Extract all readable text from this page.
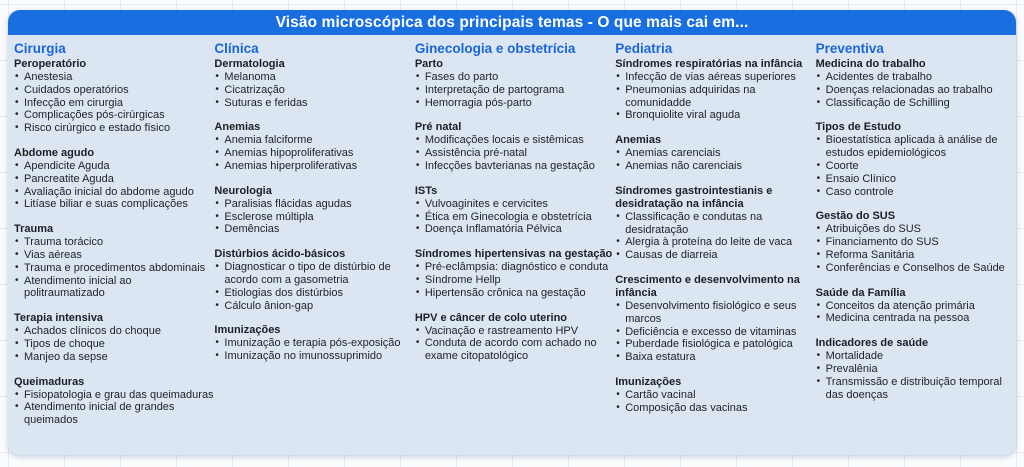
Visão microscópica dos principais temas - O que mais cai em...
Cirurgia
Peroperatório
• Anestesia
• Cuidados operatórios
• Infecção em cirurgia
• Complicações pós-cirúrgicas
• Risco cirúrgico e estado físico
Abdome agudo
• Apendicite Aguda
• Pancreatite Aguda
• Avaliação inicial do abdome agudo
• Litíase biliar e suas complicações
Trauma
• Trauma torácico
• Vias aéreas
• Trauma e procedimentos abdominais
• Atendimento inicial ao politraumatizado
Terapia intensiva
• Achados clínicos do choque
• Tipos de choque
• Manjeo da sepse
Queimaduras
• Fisiopatologia e grau das queimaduras
• Atendimento inicial de grandes queimados
Clínica
Dermatologia
• Melanoma
• Cicatrização
• Suturas e feridas
Anemias
• Anemia falciforme
• Anemias hipoproliferativas
• Anemias hiperproliferativas
Neurologia
• Paralisias flácidas agudas
• Esclerose múltipla
• Demências
Distúrbios ácido-básicos
• Diagnosticar o tipo de distúrbio de acordo com a gasometria
• Etiologias dos distúrbios
• Cálculo ânion-gap
Imunizações
• Imunização e terapia pós-exposição
• Imunização no imunossuprimido
Ginecologia e obstetrícia
Parto
• Fases do parto
• Interpretação de partograma
• Hemorragia pós-parto
Pré natal
• Modificações locais e sistêmicas
• Assistência pré-natal
• Infecções bavterianas na gestação
ISTs
• Vulvoaginites e cervicites
• Ética em Ginecologia e obstetrícia
• Doença Inflamatória Pélvica
Síndromes hipertensivas na gestação
• Pré-eclâmpsia: diagnóstico e conduta
• Síndrome Hellp
• Hipertensão crônica na gestação
HPV e câncer de colo uterino
• Vacinação e rastreamento HPV
• Conduta de acordo com achado no exame citopatológico
Pediatria
Síndromes respiratórias na infância
• Infecção de vias aéreas superiores
• Pneumonias adquiridas na comunidadde
• Bronquiolite viral aguda
Anemias
• Anemias carenciais
• Anemias não carenciais
Síndromes gastrointestianis e desidratação na infância
• Classificação e condutas na desidratação
• Alergia à proteína do leite de vaca
• Causas de diarreia
Crescimento e desenvolvimento na infância
• Desenvolvimento fisiológico e seus marcos
• Deficiência e excesso de vitaminas
• Puberdade fisiológica e patológica
• Baixa estatura
Imunizações
• Cartão vacinal
• Composição das vacinas
Preventiva
Medicina do trabalho
• Acidentes de trabalho
• Doenças relacionadas ao trabalho
• Classificação de Schilling
Tipos de Estudo
• Bioestatística aplicada à análise de estudos epidemiológicos
• Coorte
• Ensaio Clínico
• Caso controle
Gestão do SUS
• Atribuições do SUS
• Financiamento do SUS
• Reforma Sanitária
• Conferências e Conselhos de Saúde
Saúde da Família
• Conceitos da atenção primária
• Medicina centrada na pessoa
Indicadores de saúde
• Mortalidade
• Prevalênia
• Transmissão e distribuição temporal das doenças
